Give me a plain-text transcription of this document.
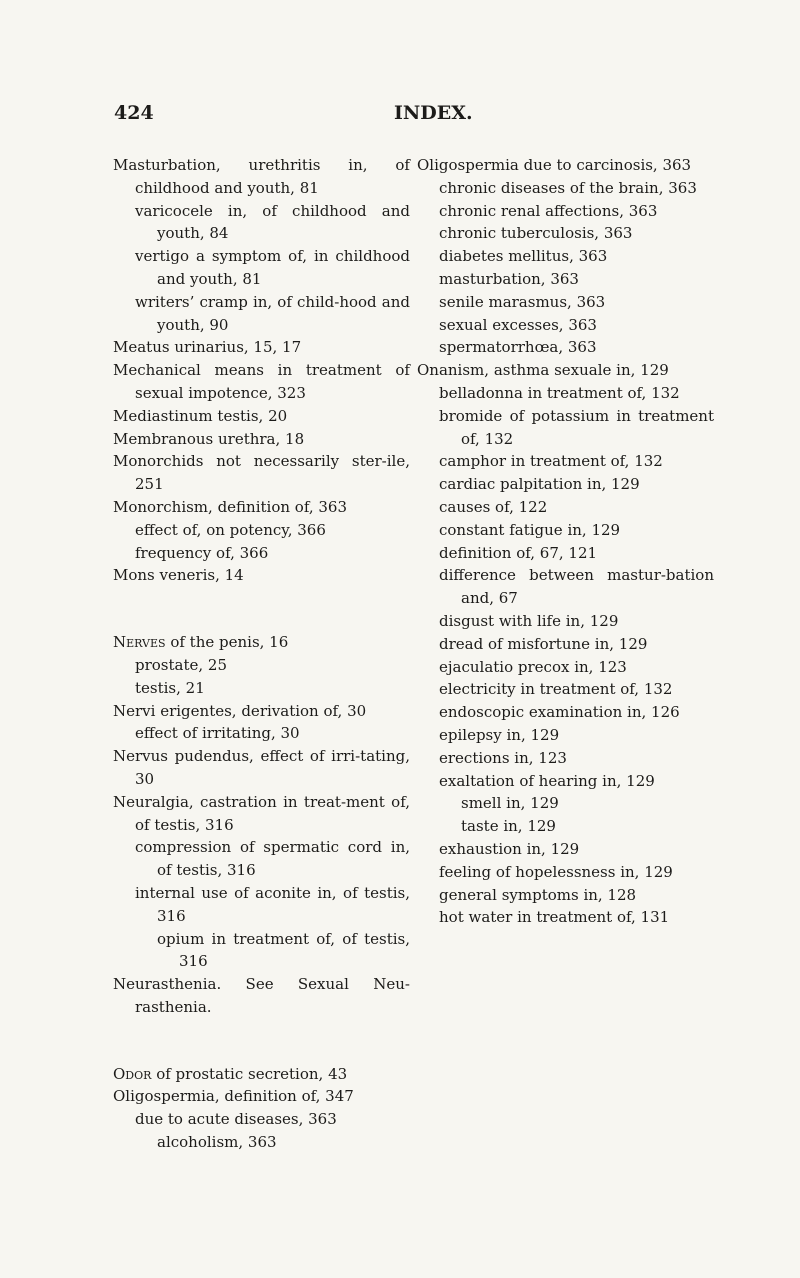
424	INDEX.
Masturbation, urethritis in, of childhood and youth, 81
varicocele in, of childhood and youth, 84
vertigo a symptom of, in childhood and youth, 81
writers’ cramp in, of child-hood and youth, 90
Meatus urinarius, 15, 17
Mechanical means in treatment of sexual impotence, 323
Mediastinum testis, 20
Membranous urethra, 18
Monorchids not necessarily ster-ile, 251
Monorchism, definition of, 363
effect of, on potency, 366
frequency of, 366
Mons veneris, 14
Nerves of the penis, 16
prostate, 25
testis, 21
Nervi erigentes, derivation of, 30
effect of irritating, 30
Nervus pudendus, effect of irri-tating, 30
Neuralgia, castration in treat-ment of, of testis, 316
compression of spermatic cord in, of testis, 316
internal use of aconite in, of testis, 316
opium in treatment of, of testis, 316
Neurasthenia. See Sexual Neu-rasthenia.
Odor of prostatic secretion, 43
Oligospermia, definition of, 347
due to acute diseases, 363
alcoholism, 363
Oligospermia due to carcinosis, 363
chronic diseases of the brain, 363
chronic renal affections, 363
chronic tuberculosis, 363
diabetes mellitus, 363
masturbation, 363
senile marasmus, 363
sexual excesses, 363
spermatorrhœa, 363
Onanism, asthma sexuale in, 129
belladonna in treatment of, 132
bromide of potassium in treatment of, 132
camphor in treatment of, 132
cardiac palpitation in, 129
causes of, 122
constant fatigue in, 129
definition of, 67, 121
difference between mastur-bation and, 67
disgust with life in, 129
dread of misfortune in, 129
ejaculatio precox in, 123
electricity in treatment of, 132
endoscopic examination in, 126
epilepsy in, 129
erections in, 123
exaltation of hearing in, 129
smell in, 129
taste in, 129
exhaustion in, 129
feeling of hopelessness in, 129
general symptoms in, 128
hot water in treatment of, 131
